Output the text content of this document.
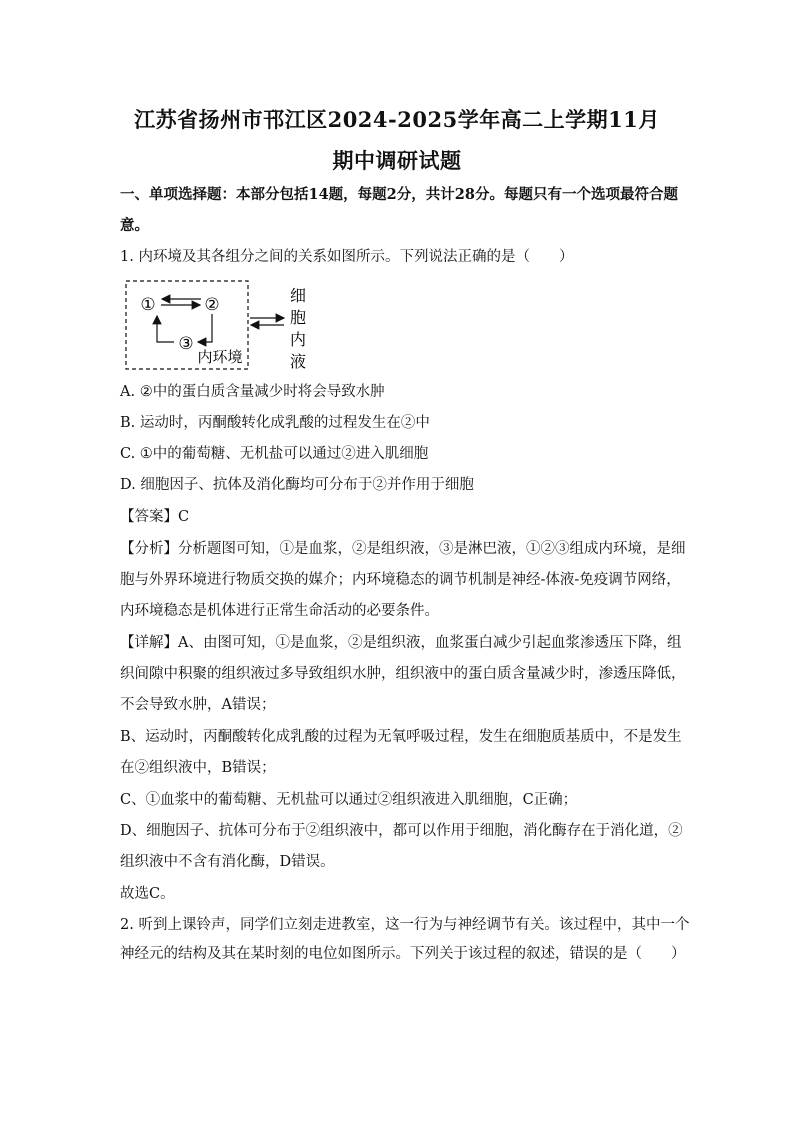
江苏省扬州市邗江区2024-2025学年高二上学期11月
期中调研试题
一、单项选择题：本部分包括14题，每题2分，共计28分。每题只有一个选项最符合题
意。
1. 内环境及其各组分之间的关系如图所示。下列说法正确的是（　　）
①	②
③
内环境
细
胞
内
液
A. ②中的蛋白质含量减少时将会导致水肿
B. 运动时，丙酮酸转化成乳酸的过程发生在②中
C. ①中的葡萄糖、无机盐可以通过②进入肌细胞
D. 细胞因子、抗体及消化酶均可分布于②并作用于细胞
【答案】C
【分析】分析题图可知，①是血浆，②是组织液，③是淋巴液，①②③组成内环境，是细
胞与外界环境进行物质交换的媒介；内环境稳态的调节机制是神经-体液-免疫调节网络，
内环境稳态是机体进行正常生命活动的必要条件。
【详解】A、由图可知，①是血浆，②是组织液，血浆蛋白减少引起血浆渗透压下降，组
织间隙中积聚的组织液过多导致组织水肿，组织液中的蛋白质含量减少时，渗透压降低，
不会导致水肿，A错误；
B、运动时，丙酮酸转化成乳酸的过程为无氧呼吸过程，发生在细胞质基质中，不是发生
在②组织液中，B错误；
C、①血浆中的葡萄糖、无机盐可以通过②组织液进入肌细胞，C正确；
D、细胞因子、抗体可分布于②组织液中，都可以作用于细胞，消化酶存在于消化道，②
组织液中不含有消化酶，D错误。
故选C。
2. 听到上课铃声，同学们立刻走进教室，这一行为与神经调节有关。该过程中，其中一个
神经元的结构及其在某时刻的电位如图所示。下列关于该过程的叙述，错误的是（　　）
